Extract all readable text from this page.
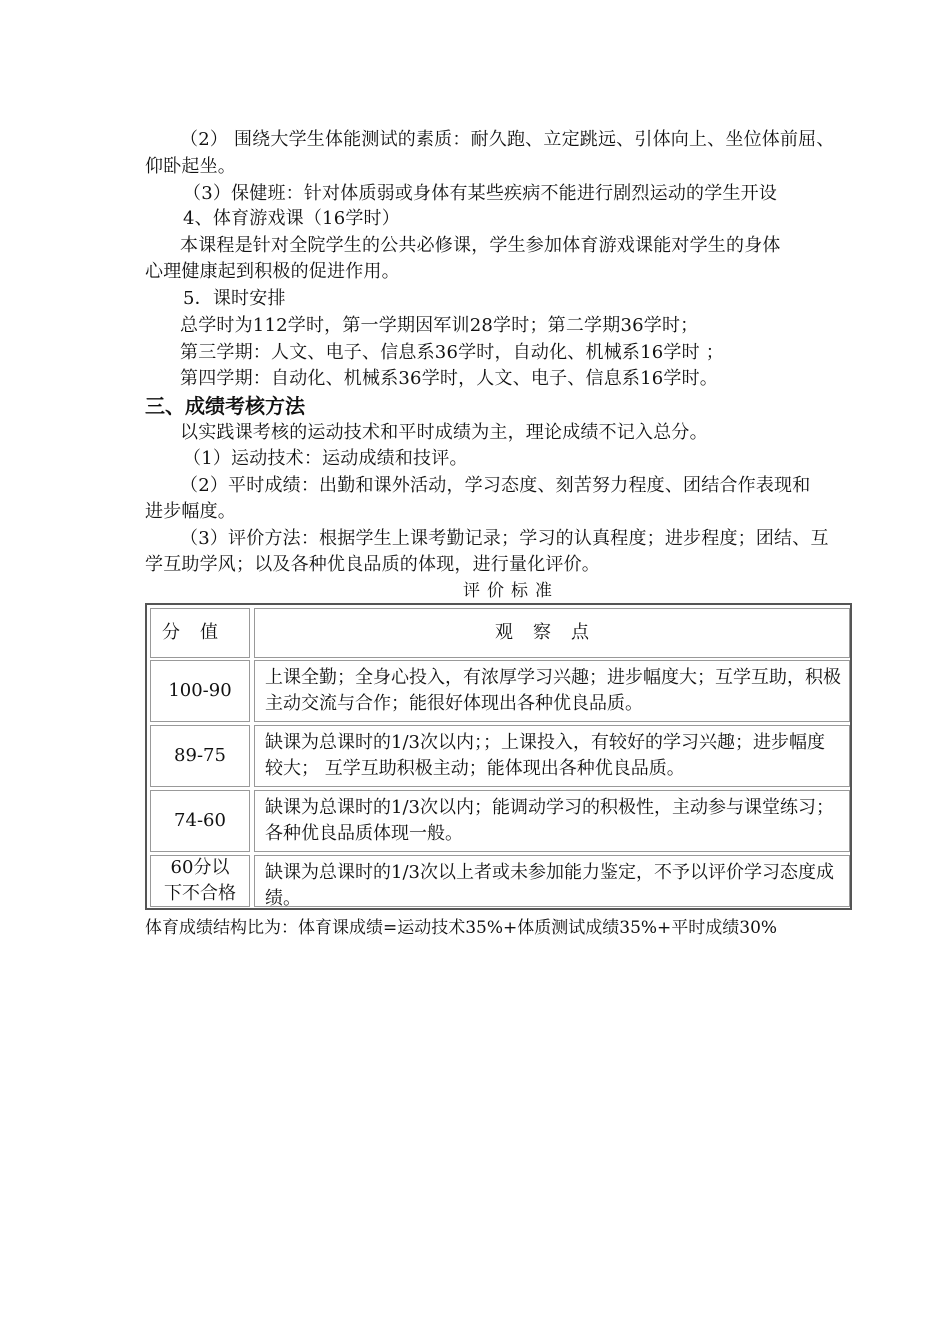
（2） 围绕大学生体能测试的素质：耐久跑、立定跳远、引体向上、坐位体前屈、
仰卧起坐。
（3）保健班：针对体质弱或身体有某些疾病不能进行剧烈运动的学生开设
4、体育游戏课（16学时）
本课程是针对全院学生的公共必修课，学生参加体育游戏课能对学生的身体
心理健康起到积极的促进作用。
5．课时安排
总学时为112学时，第一学期因军训28学时；第二学期36学时；
第三学期：人文、电子、信息系36学时，自动化、机械系16学时 ；
第四学期：自动化、机械系36学时，人文、电子、信息系16学时。
三、成绩考核方法
以实践课考核的运动技术和平时成绩为主，理论成绩不记入总分。
（1）运动技术：运动成绩和技评。
（2）平时成绩：出勤和课外活动，学习态度、刻苦努力程度、团结合作表现和
进步幅度。
（3）评价方法：根据学生上课考勤记录；学习的认真程度；进步程度；团结、互
学互助学风；以及各种优良品质的体现，进行量化评价。
评价标准
分值	观察点
100-90
上课全勤；全身心投入，有浓厚学习兴趣；进步幅度大；互学互助，积极主动交流与合作；能很好体现出各种优良品质。
89-75
缺课为总课时的1/3次以内；；上课投入，有较好的学习兴趣；进步幅度较大； 互学互助积极主动；能体现出各种优良品质。
74-60
缺课为总课时的1/3次以内；能调动学习的积极性，主动参与课堂练习；各种优良品质体现一般。
60分以下不合格
缺课为总课时的1/3次以上者或未参加能力鉴定，不予以评价学习态度成绩。
体育成绩结构比为：体育课成绩=运动技术35%+体质测试成绩35%+平时成绩30%
